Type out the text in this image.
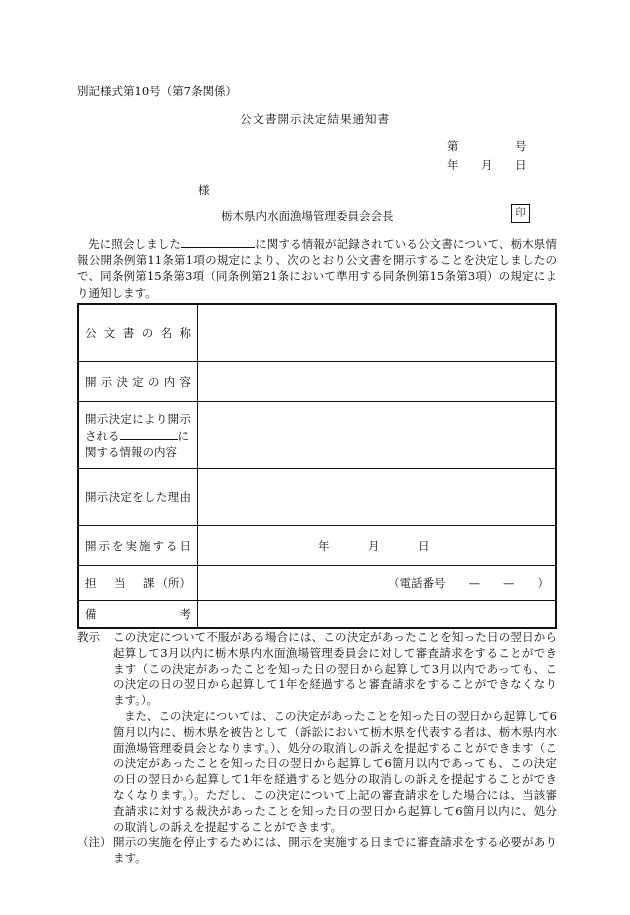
別記様式第10号（第7条関係）
公文書開示決定結果通知書
第	号
年 月 日
様
栃木県内水面漁場管理委員会会長	印
先に照会しました	に関する情報が記録されている公文書について、栃木県情報公開条例第11条第1項の規定により、次のとおり公文書を開示することを決定しましたので、同条例第15条第3項（同条例第21条において準用する同条例第15条第3項）の規定により通知します。
公文書の名称	

開示決定の内容	

開示決定により開示
される に
関する情報の内容	

開示決定をした理由	

開示を実施する日	年 月 日

担 当 課 （所）	（電話番号　　—　　—　　）

備考	

教示	この決定について不服がある場合には、この決定があったことを知った日の翌日から起算して3月以内に栃木県内水面漁場管理委員会に対して審査請求をすることができます（この決定があったことを知った日の翌日から起算して3月以内であっても、この決定の日の翌日から起算して1年を経過すると審査請求をすることができなくなります。）。

また、この決定については、この決定があったことを知った日の翌日から起算して6箇月以内に、栃木県を被告として（訴訟において栃木県を代表する者は、栃木県内水面漁場管理委員会となります。）、処分の取消しの訴えを提起することができます（この決定があったことを知った日の翌日から起算して6箇月以内であっても、この決定の日の翌日から起算して1年を経過すると処分の取消しの訴えを提起することができなくなります。）。ただし、この決定について上記の審査請求をした場合には、当該審査請求に対する裁決があったことを知った日の翌日から起算して6箇月以内に、処分の取消しの訴えを提起することができます。

（注） 開示の実施を停止するためには、開示を実施する日までに審査請求をする必要があります。
